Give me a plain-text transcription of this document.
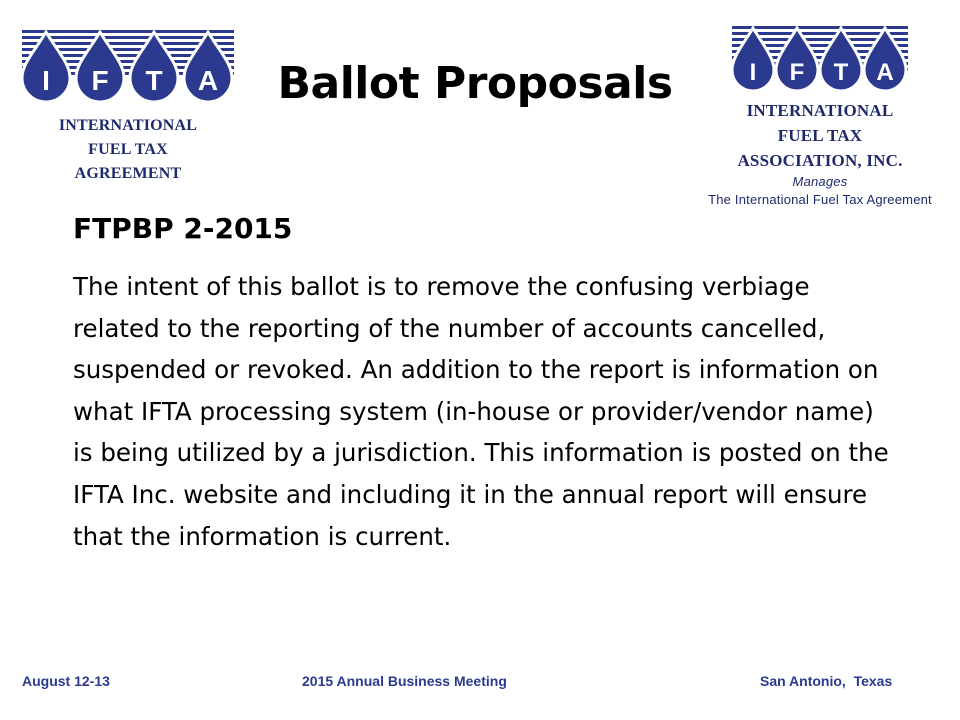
I F T A
INTERNATIONAL
FUEL TAX
AGREEMENT
I F T A
INTERNATIONAL
FUEL TAX
ASSOCIATION, INC.
Manages
The International Fuel Tax Agreement
Ballot Proposals
FTPBP 2-2015

The intent of this ballot is to remove the confusing verbiage related to the reporting of the number of accounts cancelled, suspended or revoked. An addition to the report is information on what IFTA processing system (in-house or provider/vendor name) is being utilized by a jurisdiction. This information is posted on the IFTA Inc. website and including it in the annual report will ensure that the information is current.

August 12-13	2015 Annual Business Meeting	San Antonio,  Texas
